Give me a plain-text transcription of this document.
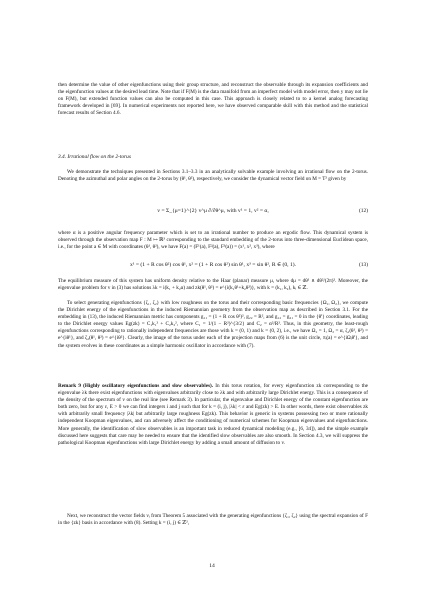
then determine the value of other eigenfunctions using their group structure, and reconstruct the observable through its expansion coefficients and the eigenfunction values at the desired lead time. Note that if F(M) is the data manifold from an imperfect model with model error, then y may not lie on F(M), but extended function values can also be computed in this case. This approach is closely related to to a kernel analog forecasting framework developed in [69]. In numerical experiments not reported here, we have observed comparable skill with this method and the statistical forecast results of Section 4.6.

3.4. Irrational flow on the 2-torus

We demonstrate the techniques presented in Sections 3.1–3.3 in an analytically solvable example involving an irrational flow on the 2-torus. Denoting the azimuthal and polar angles on the 2-torus by (θ¹, θ²), respectively, we consider the dynamical vector field on M = T² given by

v = Σ_{μ=1}^{2} v^μ ∂/∂θ^μ, with v¹ = 1, v² = α,	(12)

where α is a positive angular frequency parameter which is set to an irrational number to produce an ergodic flow. This dynamical system is observed through the observation map F : M ↦ ℝ³ corresponding to the standard embedding of the 2-torus into three-dimensional Euclidean space, i.e., for the point a ∈ M with coordinates (θ¹, θ²), we have F(a) = (F¹(a), F²(a), F³(a)) = (x¹, x², x³), where

x¹ = (1 + R cos θ²) cos θ¹, x² = (1 + R cos θ²) sin θ¹, x³ = sin θ², R ∈ (0, 1).	(13)

The equilibrium measure of this system has uniform density relative to the Haar (planar) measure μ, where dμ = dθ¹ ∧ dθ²/(2π)². Moreover, the eigenvalue problem for v in (3) has solutions λk = i(k₁ + k₂α) and zk(θ¹, θ²) = e^{i(k₁θ¹+k₂θ²)}, with k = (k₁, k₂), kᵢ ∈ ℤ.

To select generating eigenfunctions {ζ₁, ζ₂} with low roughness on the torus and their corresponding basic frequencies {Ω₁, Ω₂}, we compute the Dirichlet energy of the eigenfunctions in the induced Riemannian geometry from the observation map as described in Section 3.1. For the embedding in (13), the induced Riemannian metric has components g₁₁ = (1 + R cos θ²)², g₂₂ = R², and g₁₂ = g₂₁ = 0 in the {θⁱ} coordinates, leading to the Dirichlet energy values Eg(zk) = C₁k₁² + C₂k₂², where C₁ = 1/(1 − R²)^{3/2} and C₂ = α²/R². Thus, in this geometry, the least-rough eigenfunctions corresponding to rationally independent frequencies are those with k = (0, 1) and k = (0, 2), i.e., we have Ω₁ = 1, Ω₂ = α, ζ₁(θ¹, θ²) = e^{iθ¹}, and ζ₂(θ¹, θ²) = e^{iθ²}. Clearly, the image of the torus under each of the projection maps from (6) is the unit circle, πᵢ(a) = e^{iΩᵢθⁱ}, and the system evolves in these coordinates as a simple harmonic oscillator in accordance with (7).

Remark 9 (Highly oscillatory eigenfunctions and slow observables). In this torus rotation, for every eigenfunction zk corresponding to the eigenvalue λk there exist eigenfunctions with eigenvalues arbitrarily close to λk and with arbitrarily large Dirichlet energy. This is a consequence of the density of the spectrum of v on the real line (see Remark 3). In particular, the eigenvalue and Dirichlet energy of the constant eigenfunction are both zero, but for any ε, E > 0 we can find integers i and j such that for k = (i, j), |λk| < ε and Eg(zk) > E. In other words, there exist observables zk with arbitrarily small frequency |λk| but arbitrarily large roughness Eg(zk). This behavior is generic in systems possessing two or more rationally independent Koopman eigenvalues, and can adversely affect the conditioning of numerical schemes for Koopman eigenvalues and eigenfunctions. More generally, the identification of slow observables is an important task in reduced dynamical modeling (e.g., [6, 34]), and the simple example discussed here suggests that care may be needed to ensure that the identified slow observables are also smooth. In Section 4.3, we will suppress the pathological Koopman eigenfunctions with large Dirichlet energy by adding a small amount of diffusion to v.

Next, we reconstruct the vector fields vᵢ from Theorem 5 associated with the generating eigenfunctions {ζ₁, ζ₂} using the spectral expansion of F in the {zk} basis in accordance with (8). Setting k = (i, j) ∈ ℤ²,

14
